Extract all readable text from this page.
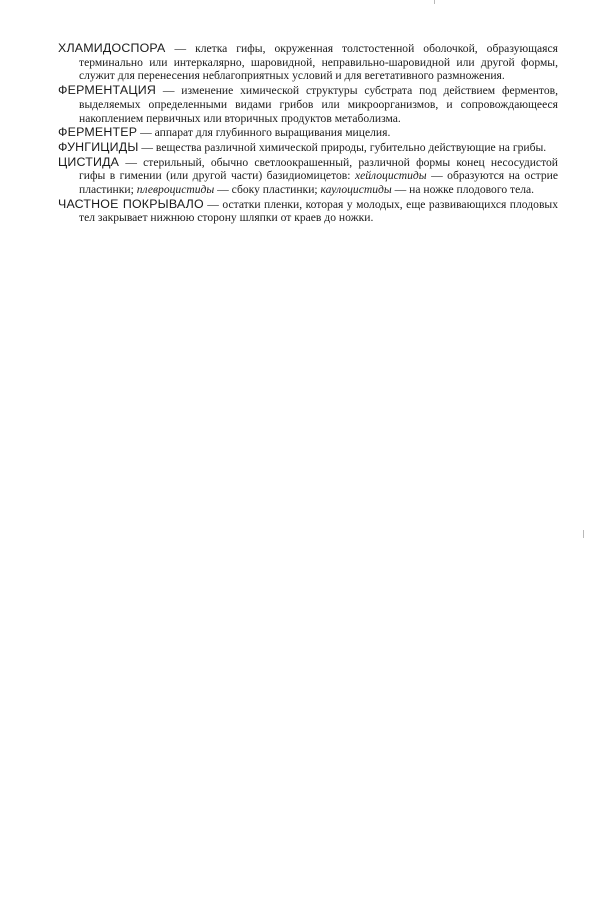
ХЛАМИДОСПОРА — клетка гифы, окруженная толстостенной оболочкой, образующаяся терминально или интеркалярно, шаровидной, неправильно-шаровидной или другой формы, служит для перенесения неблагоприятных условий и для вегетативного размножения.

ФЕРМЕНТАЦИЯ — изменение химической структуры субстрата под действием ферментов, выделяемых определенными видами грибов или микроорганизмов, и сопровождающееся накоплением первичных или вторичных продуктов метаболизма.

ФЕРМЕНТЕР — аппарат для глубинного выращивания мицелия.

ФУНГИЦИДЫ — вещества различной химической природы, губительно действующие на грибы.

ЦИСТИДА — стерильный, обычно светлоокрашенный, различной формы конец несосудистой гифы в гимении (или другой части) базидиомицетов: хейлоцистиды — образуются на острие пластинки; плевроцистиды — сбоку пластинки; каулоцистиды — на ножке плодового тела.

ЧАСТНОЕ ПОКРЫВАЛО — остатки пленки, которая у молодых, еще развивающихся плодовых тел закрывает нижнюю сторону шляпки от краев до ножки.
